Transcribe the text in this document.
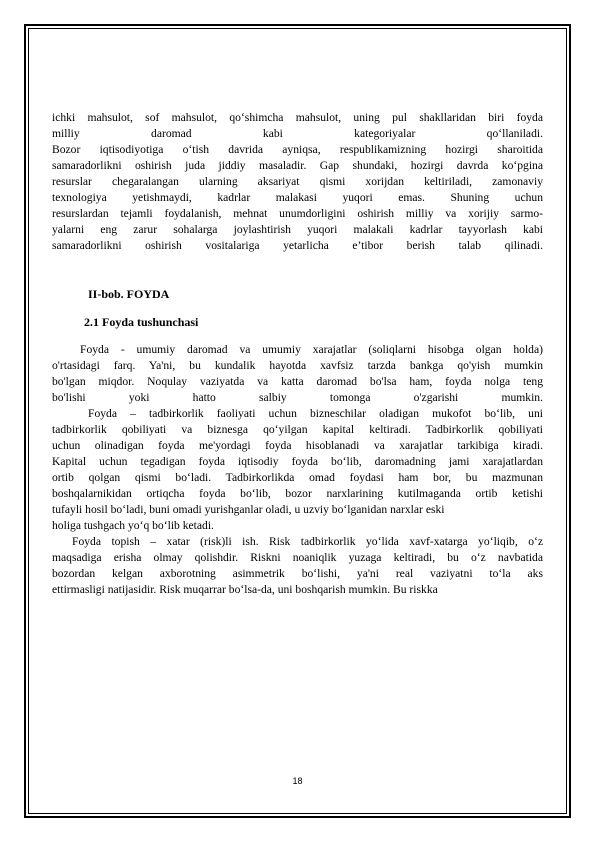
ichki mahsulot, sof mahsulot, qo‘shimcha mahsulot, uning pul shakllaridan biri foyda

milliy daromad kabi kategoriyalar qo‘llaniladi.

Bozor iqtisodiyotiga o‘tish davrida ayniqsa, respublikamizning hozirgi sharoitida

samaradorlikni oshirish juda jiddiy masaladir. Gap shundaki, hozirgi davrda ko‘pgina

resurslar chegaralangan ularning aksariyat qismi xorijdan keltiriladi, zamonaviy

texnologiya yetishmaydi, kadrlar malakasi yuqori emas. Shuning uchun

resurslardan tejamli foydalanish, mehnat unumdorligini oshirish milliy va xorijiy sarmo-

yalarni eng zarur sohalarga joylashtirish yuqori malakali kadrlar tayyorlash kabi

samaradorlikni oshirish vositalariga yetarlicha e’tibor berish talab qilinadi.

II-bob. FOYDA

2.1 Foyda tushunchasi

Foyda - umumiy daromad va umumiy xarajatlar (soliqlarni hisobga olgan holda)

o'rtasidagi farq. Ya'ni, bu kundalik hayotda xavfsiz tarzda bankga qo'yish mumkin

bo'lgan miqdor. Noqulay vaziyatda va katta daromad bo'lsa ham, foyda nolga teng

bo'lishi yoki hatto salbiy tomonga o'zgarishi mumkin.

Foyda – tadbirkorlik faoliyati uchun bizneschilar oladigan mukofot bo‘lib, uni

tadbirkorlik qobiliyati va biznesga qo‘yilgan kapital keltiradi. Tadbirkorlik qobiliyati

uchun olinadigan foyda me'yordagi foyda hisoblanadi va xarajatlar tarkibiga kiradi.

Kapital uchun tegadigan foyda iqtisodiy foyda bo‘lib, daromadning jami xarajatlardan

ortib qolgan qismi bo‘ladi. Tadbirkorlikda omad foydasi ham bor, bu mazmunan

boshqalarnikidan ortiqcha foyda bo‘lib, bozor narxlarining kutilmaganda ortib ketishi

tufayli hosil bo‘ladi, buni omadi yurishganlar oladi, u uzviy bo‘lganidan narxlar eski

holiga tushgach yo‘q bo‘lib ketadi.

Foyda topish – xatar (risk)li ish. Risk tadbirkorlik yo‘lida xavf-xatarga yo‘liqib, o‘z

maqsadiga erisha olmay qolishdir. Riskni noaniqlik yuzaga keltiradi, bu o‘z navbatida

bozordan kelgan axborotning asimmetrik bo‘lishi, ya'ni real vaziyatni to‘la aks

ettirmasligi natijasidir. Risk muqarrar bo‘lsa-da, uni boshqarish mumkin. Bu riskka

18
